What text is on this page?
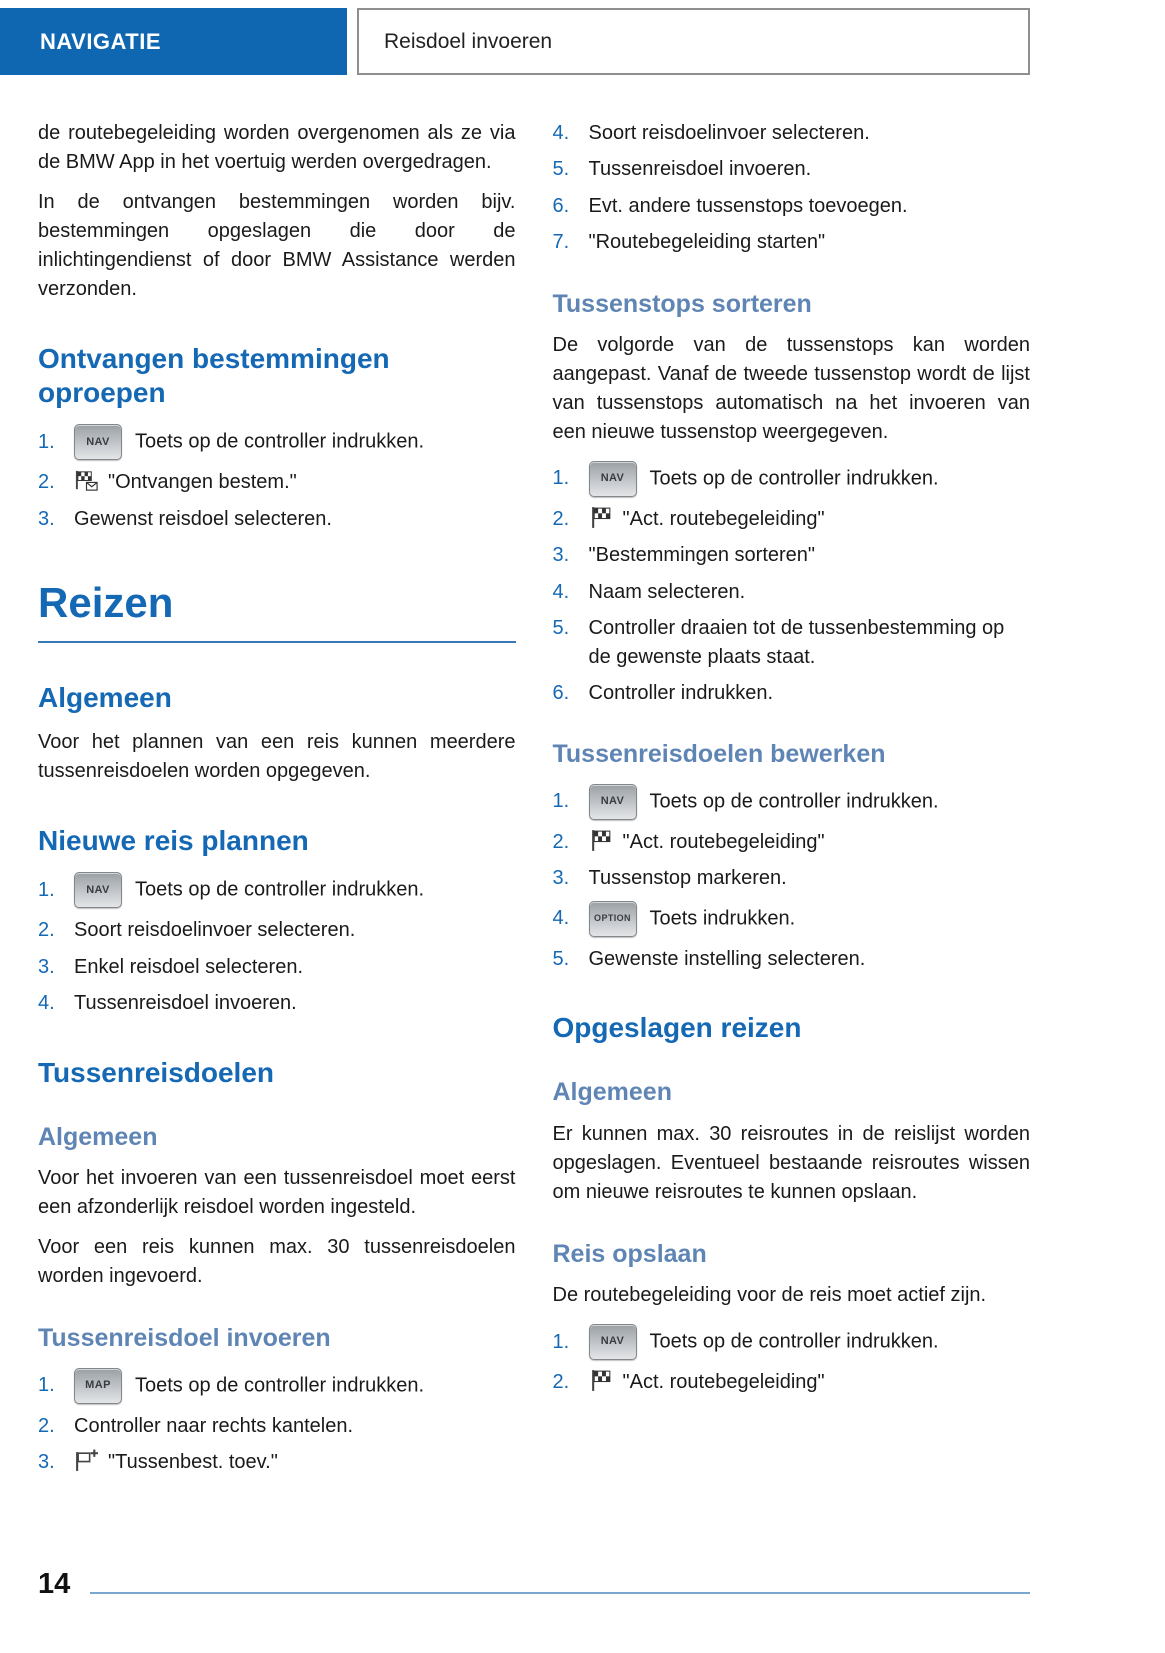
NAVIGATIE	Reisdoel invoeren

de routebegeleiding worden overgenomen als ze via de BMW App in het voertuig werden overgedragen.

In de ontvangen bestemmingen worden bijv. bestemmingen opgeslagen die door de inlichtingendienst of door BMW Assistance werden verzonden.

Ontvangen bestemmingen oproepen
1.	NAV Toets op de controller indrukken.
2.	"Ontvangen bestem."
3. Gewenst reisdoel selecteren.
Reizen
Algemeen

Voor het plannen van een reis kunnen meerdere tussenreisdoelen worden opgegeven.

Nieuwe reis plannen
1.	NAV Toets op de controller indrukken.
2. Soort reisdoelinvoer selecteren.
3. Enkel reisdoel selecteren.
4. Tussenreisdoel invoeren.
Tussenreisdoelen
Algemeen

Voor het invoeren van een tussenreisdoel moet eerst een afzonderlijk reisdoel worden ingesteld.

Voor een reis kunnen max. 30 tussenreisdoelen worden ingevoerd.

Tussenreisdoel invoeren
1.	MAP Toets op de controller indrukken.
2. Controller naar rechts kantelen.
3.	"Tussenbest. toev."
4. Soort reisdoelinvoer selecteren.
5. Tussenreisdoel invoeren.
6. Evt. andere tussenstops toevoegen.
7. "Routebegeleiding starten"
Tussenstops sorteren

De volgorde van de tussenstops kan worden aangepast. Vanaf de tweede tussenstop wordt de lijst van tussenstops automatisch na het invoeren van een nieuwe tussenstop weergegeven.

1.	NAV Toets op de controller indrukken.
2.	"Act. routebegeleiding"
3. "Bestemmingen sorteren"
4. Naam selecteren.
5. Controller draaien tot de tussenbestemming op de gewenste plaats staat.
6. Controller indrukken.
Tussenreisdoelen bewerken
1.	NAV Toets op de controller indrukken.
2.	"Act. routebegeleiding"
3. Tussenstop markeren.
4.	OPTION Toets indrukken.
5. Gewenste instelling selecteren.
Opgeslagen reizen
Algemeen

Er kunnen max. 30 reisroutes in de reislijst worden opgeslagen. Eventueel bestaande reisroutes wissen om nieuwe reisroutes te kunnen opslaan.

Reis opslaan

De routebegeleiding voor de reis moet actief zijn.

1.	NAV Toets op de controller indrukken.
2.	"Act. routebegeleiding"
14
